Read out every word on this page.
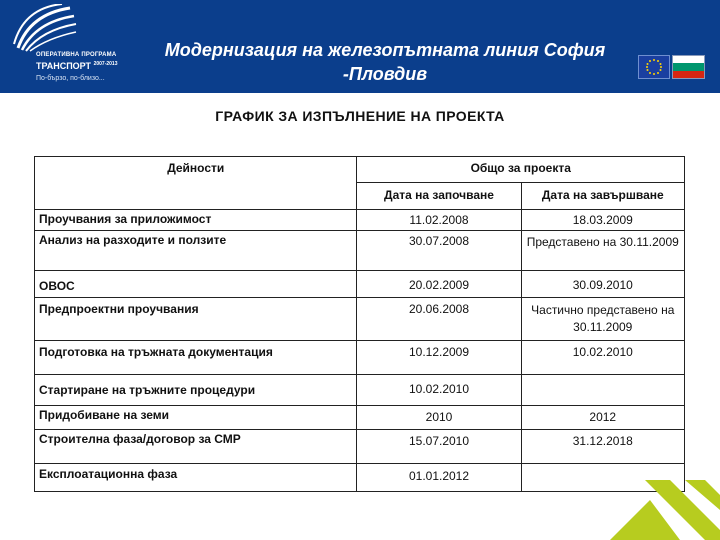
ОПЕРАТИВНА ПРОГРАМА
ТРАНСПОРТ $^{2007-2013}$
По-бързо, по-близо...
Модернизация на железопътната линия София
-Пловдив
ГРАФИК ЗА ИЗПЪЛНЕНИЕ НА ПРОЕКТА
Дейности	Общо за проекта	
	Дата на започване	Дата на завършване
Проучвания за приложимост	11.02.2008	18.03.2009
Анализ на разходите и ползите	30.07.2008	Представено на 30.11.2009
ОВОС	20.02.2009	30.09.2010
Предпроектни проучвания	20.06.2008	Частично представено на 30.11.2009
Подготовка на тръжната документация	10.12.2009	10.02.2010
Стартиране на тръжните процедури	10.02.2010	
Придобиване на земи	2010	2012
Строителна фаза/договор за СМР	15.07.2010	31.12.2018
Експлоатационна фаза	01.01.2012	
